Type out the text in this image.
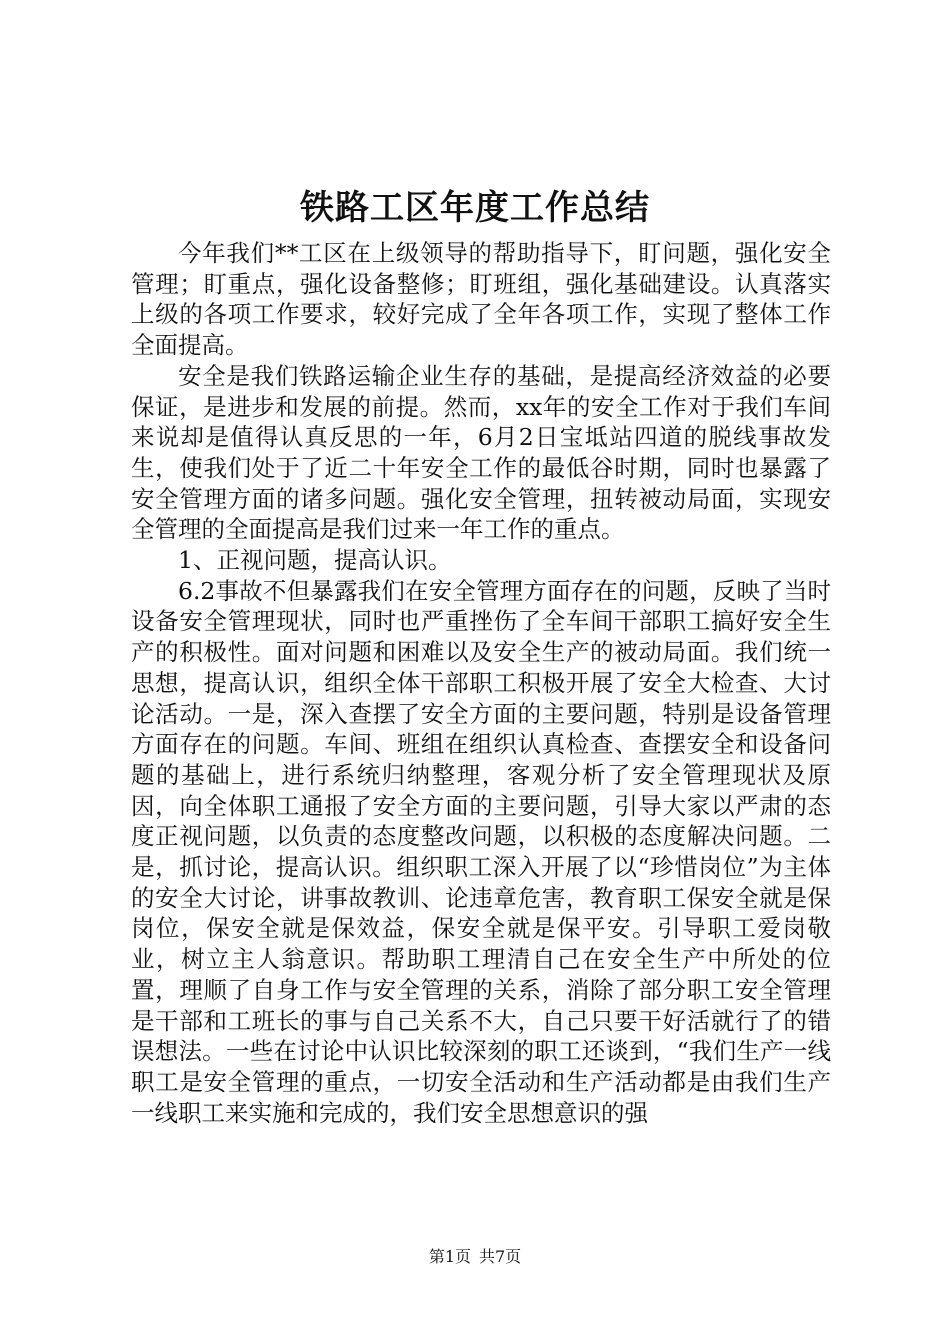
铁路工区年度工作总结

今年我们**工区在上级领导的帮助指导下，盯问题，强化安全管理；盯重点，强化设备整修；盯班组，强化基础建设。认真落实上级的各项工作要求，较好完成了全年各项工作，实现了整体工作全面提高。

安全是我们铁路运输企业生存的基础，是提高经济效益的必要保证，是进步和发展的前提。然而，xx年的安全工作对于我们车间来说却是值得认真反思的一年，6月2日宝坻站四道的脱线事故发生，使我们处于了近二十年安全工作的最低谷时期，同时也暴露了安全管理方面的诸多问题。强化安全管理，扭转被动局面，实现安全管理的全面提高是我们过来一年工作的重点。

1、正视问题，提高认识。

6.2事故不但暴露我们在安全管理方面存在的问题，反映了当时设备安全管理现状，同时也严重挫伤了全车间干部职工搞好安全生产的积极性。面对问题和困难以及安全生产的被动局面。我们统一思想，提高认识，组织全体干部职工积极开展了安全大检查、大讨论活动。一是，深入查摆了安全方面的主要问题，特别是设备管理方面存在的问题。车间、班组在组织认真检查、查摆安全和设备问题的基础上，进行系统归纳整理，客观分析了安全管理现状及原因，向全体职工通报了安全方面的主要问题，引导大家以严肃的态度正视问题，以负责的态度整改问题，以积极的态度解决问题。二是，抓讨论，提高认识。组织职工深入开展了以“珍惜岗位”为主体的安全大讨论，讲事故教训、论违章危害，教育职工保安全就是保岗位，保安全就是保效益，保安全就是保平安。引导职工爱岗敬业，树立主人翁意识。帮助职工理清自己在安全生产中所处的位置，理顺了自身工作与安全管理的关系，消除了部分职工安全管理是干部和工班长的事与自己关系不大，自己只要干好活就行了的错误想法。一些在讨论中认识比较深刻的职工还谈到，“我们生产一线职工是安全管理的重点，一切安全活动和生产活动都是由我们生产一线职工来实施和完成的，我们安全思想意识的强

第1页 共7页
